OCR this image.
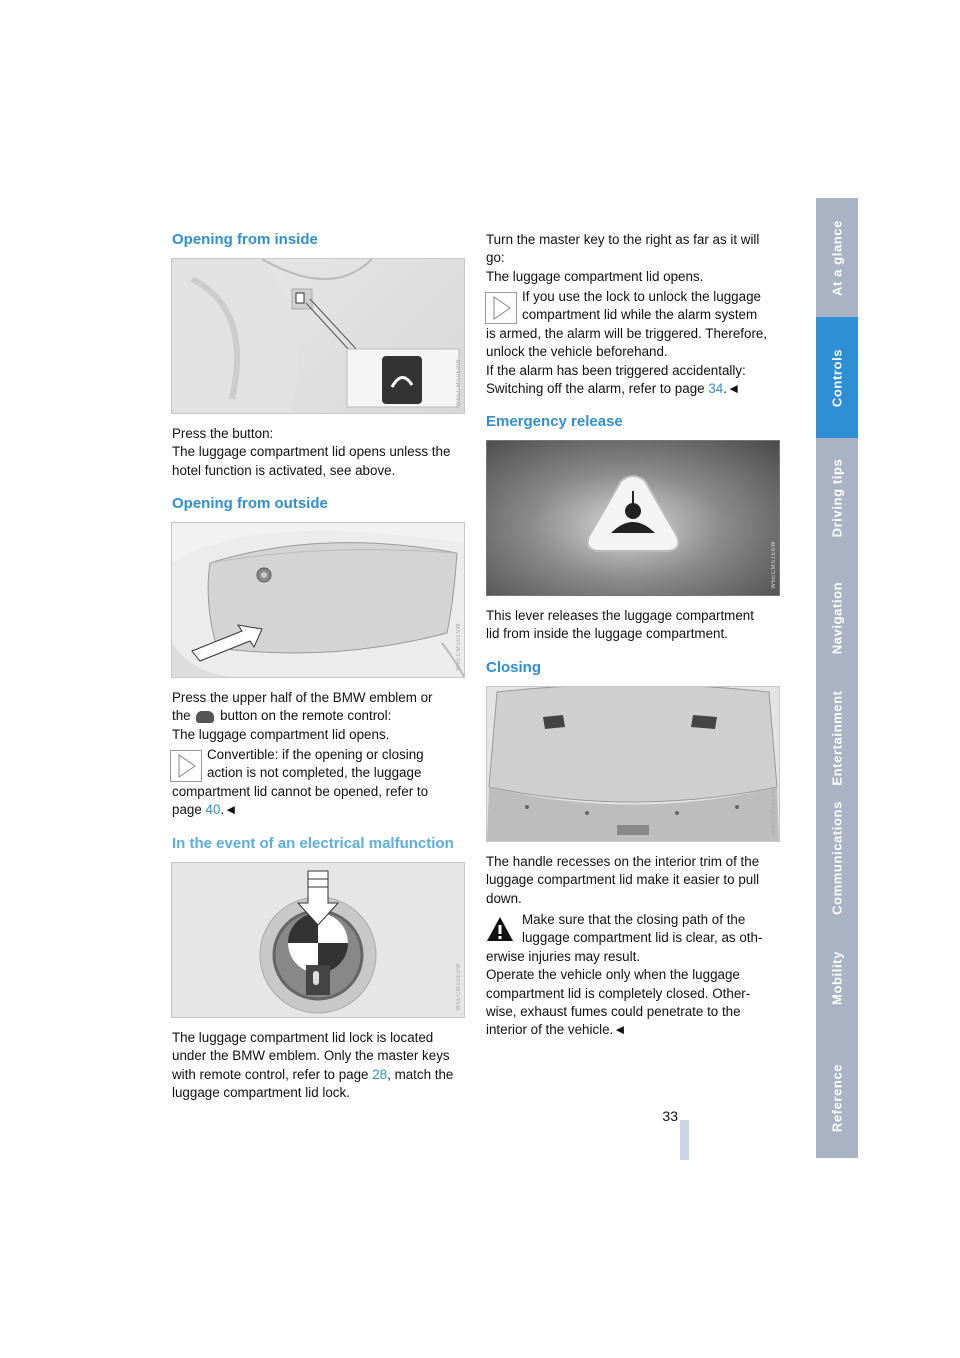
At a glance
Controls
Driving tips
Navigation
Entertainment
Communications
Mobility
Reference
Opening from inside
W6ECMS0E8W
Press the button:
The luggage compartment lid opens unless the
hotel function is activated, see above.
Opening from outside
W6ECMS0E9W
Press the upper half of the BMW emblem or
the button on the remote control:
The luggage compartment lid opens.
Convertible: if the opening or closing
action is not completed, the luggage
compartment lid cannot be opened, refer to
page 40.◄
In the event of an electrical malfunction
W6ECMS0E0W
The luggage compartment lid lock is located
under the BMW emblem. Only the master keys
with remote control, refer to page 28, match the
luggage compartment lid lock.
Turn the master key to the right as far as it will
go:
The luggage compartment lid opens.
If you use the lock to unlock the luggage
compartment lid while the alarm system
is armed, the alarm will be triggered. Therefore,
unlock the vehicle beforehand.
If the alarm has been triggered accidentally:
Switching off the alarm, refer to page 34.◄
Emergency release
W6ECMS1E6W
This lever releases the luggage compartment
lid from inside the luggage compartment.
Closing
W6ECMS2E5W
The handle recesses on the interior trim of the
luggage compartment lid make it easier to pull
down.
Make sure that the closing path of the
luggage compartment lid is clear, as oth-
erwise injuries may result.
Operate the vehicle only when the luggage
compartment lid is completely closed. Other-
wise, exhaust fumes could penetrate to the
interior of the vehicle.◄
33
Online Edition for Part-No. 01 41 0 158 445 - © 09/04 BMW AG
